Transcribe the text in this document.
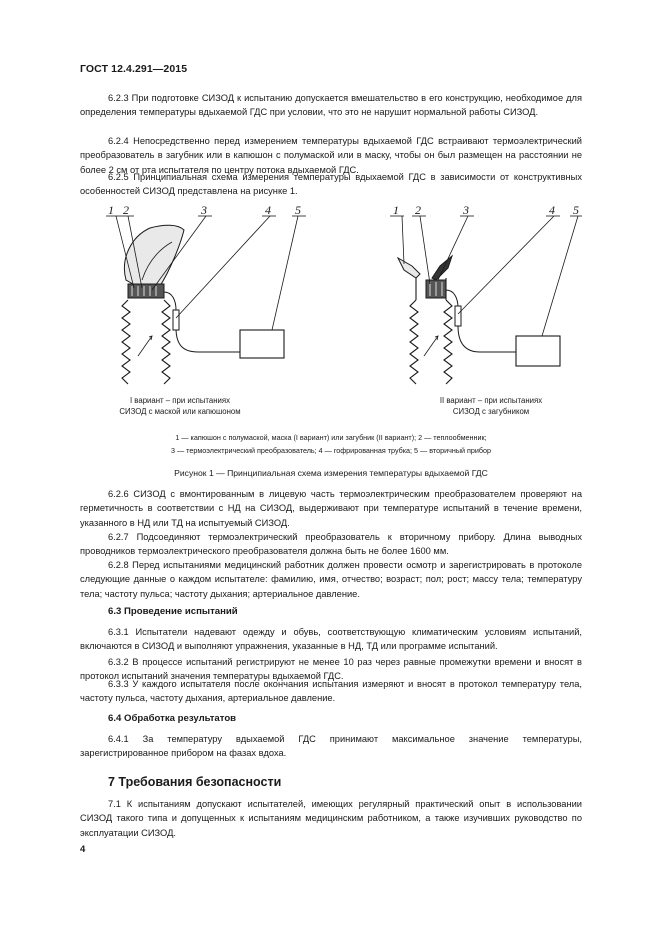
ГОСТ 12.4.291—2015

6.2.3 При подготовке СИЗОД к испытанию допускается вмешательство в его конструкцию, необходимое для определения температуры вдыхаемой ГДС при условии, что это не нарушит нормальной работы СИЗОД.

6.2.4 Непосредственно перед измерением температуры вдыхаемой ГДС встраивают термоэлектрический преобразователь в загубник или в капюшон с полумаской или в маску, чтобы он был размещен на расстоянии не более 2 см от рта испытателя по центру потока вдыхаемой ГДС.

6.2.5 Принципиальная схема измерения температуры вдыхаемой ГДС в зависимости от конструктивных особенностей СИЗОД представлена на рисунке 1.

1 2	3	4 5	1 2	3	4 5
I вариант – при испытаниях
СИЗОД с маской или капюшоном
II вариант – при испытаниях
СИЗОД с загубником
1 — капюшон с полумаской, маска (I вариант) или загубник (II вариант); 2 — теплообменник;
3 — термоэлектрический преобразователь; 4 — гофрированная трубка; 5 — вторичный прибор
Рисунок 1 — Принципиальная схема измерения температуры вдыхаемой ГДС

6.2.6 СИЗОД с вмонтированным в лицевую часть термоэлектрическим преобразователем проверяют на герметичность в соответствии с НД на СИЗОД, выдерживают при температуре испытаний в течение времени, указанного в НД или ТД на испытуемый СИЗОД.

6.2.7 Подсоединяют термоэлектрический преобразователь к вторичному прибору. Длина выводных проводников термоэлектрического преобразователя должна быть не более 1600 мм.

6.2.8 Перед испытаниями медицинский работник должен провести осмотр и зарегистрировать в протоколе следующие данные о каждом испытателе: фамилию, имя, отчество; возраст; пол; рост; массу тела; температуру тела; частоту пульса; частоту дыхания; артериальное давление.

6.3 Проведение испытаний

6.3.1 Испытатели надевают одежду и обувь, соответствующую климатическим условиям испытаний, включаются в СИЗОД и выполняют упражнения, указанные в НД, ТД или программе испытаний.

6.3.2 В процессе испытаний регистрируют не менее 10 раз через равные промежутки времени и вносят в протокол испытаний значения температуры вдыхаемой ГДС.

6.3.3 У каждого испытателя после окончания испытания измеряют и вносят в протокол температуру тела, частоту пульса, частоту дыхания, артериальное давление.

6.4 Обработка результатов

6.4.1 За температуру вдыхаемой ГДС принимают максимальное значение температуры, зарегистрированное прибором на фазах вдоха.

7 Требования безопасности

7.1 К испытаниям допускают испытателей, имеющих регулярный практический опыт в использовании СИЗОД такого типа и допущенных к испытаниям медицинским работником, а также изучивших руководство по эксплуатации СИЗОД.

4
